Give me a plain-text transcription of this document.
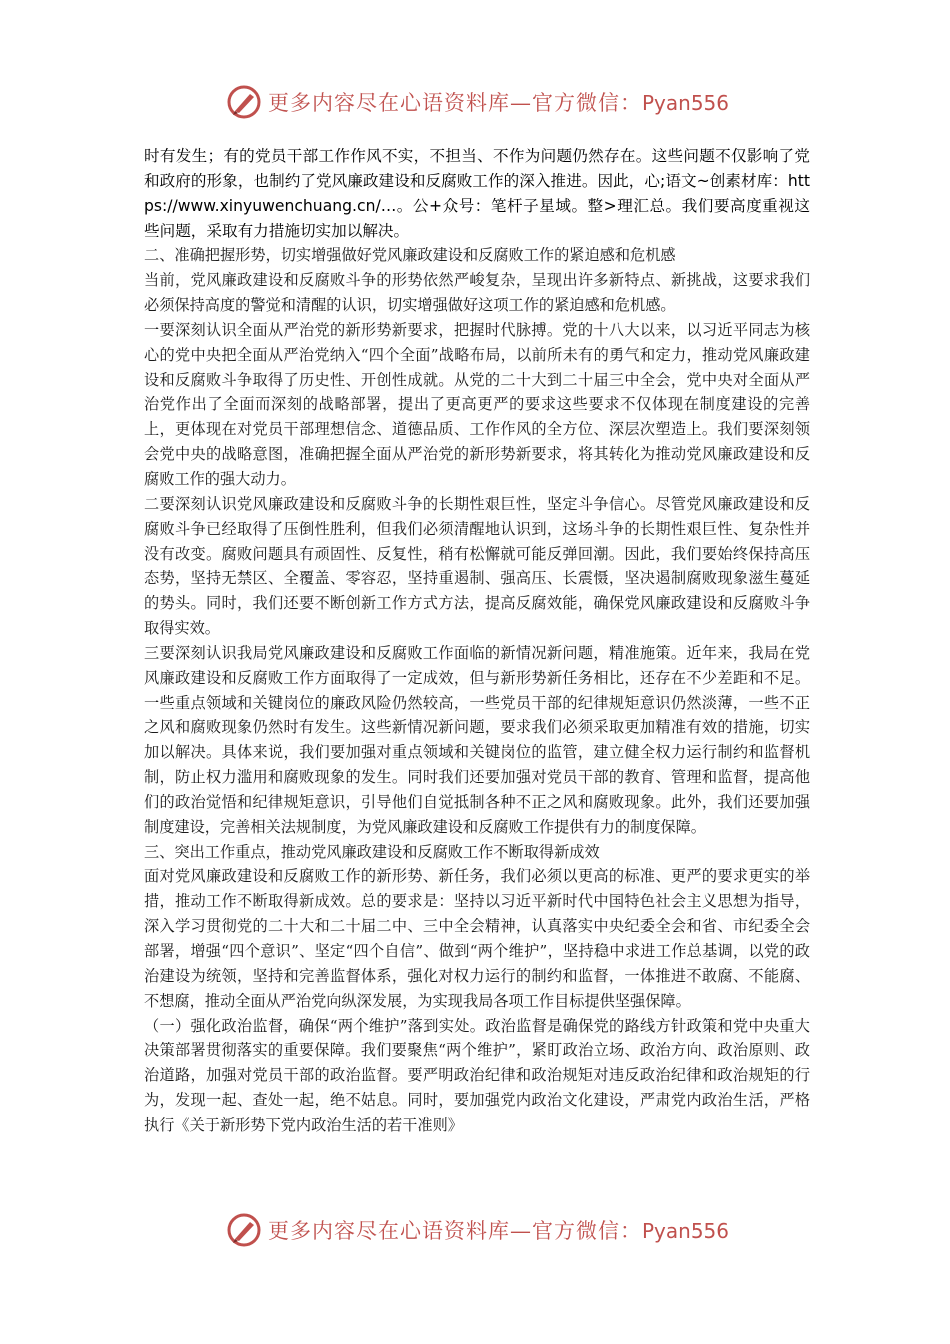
更多内容尽在心语资料库—官方微信：Pyan556

时有发生；有的党员干部工作作风不实，不担当、不作为问题仍然存在。这些问题不仅影响了党和政府的形象，也制约了党风廉政建设和反腐败工作的深入推进。因此，心;语文~创素材库：https://www.xinyuwenchuang.cn/…。公+众号：笔杆子星域。整>理汇总。我们要高度重视这些问题，采取有力措施切实加以解决。

二、准确把握形势，切实增强做好党风廉政建设和反腐败工作的紧迫感和危机感

当前，党风廉政建设和反腐败斗争的形势依然严峻复杂，呈现出许多新特点、新挑战，这要求我们必须保持高度的警觉和清醒的认识，切实增强做好这项工作的紧迫感和危机感。

一要深刻认识全面从严治党的新形势新要求，把握时代脉搏。党的十八大以来，以习近平同志为核心的党中央把全面从严治党纳入“四个全面”战略布局，以前所未有的勇气和定力，推动党风廉政建设和反腐败斗争取得了历史性、开创性成就。从党的二十大到二十届三中全会，党中央对全面从严治党作出了全面而深刻的战略部署，提出了更高更严的要求这些要求不仅体现在制度建设的完善上，更体现在对党员干部理想信念、道德品质、工作作风的全方位、深层次塑造上。我们要深刻领会党中央的战略意图，准确把握全面从严治党的新形势新要求，将其转化为推动党风廉政建设和反腐败工作的强大动力。

二要深刻认识党风廉政建设和反腐败斗争的长期性艰巨性，坚定斗争信心。尽管党风廉政建设和反腐败斗争已经取得了压倒性胜利，但我们必须清醒地认识到，这场斗争的长期性艰巨性、复杂性并没有改变。腐败问题具有顽固性、反复性，稍有松懈就可能反弹回潮。因此，我们要始终保持高压态势，坚持无禁区、全覆盖、零容忍，坚持重遏制、强高压、长震慑，坚决遏制腐败现象滋生蔓延的势头。同时，我们还要不断创新工作方式方法，提高反腐效能，确保党风廉政建设和反腐败斗争取得实效。

三要深刻认识我局党风廉政建设和反腐败工作面临的新情况新问题，精准施策。近年来，我局在党风廉政建设和反腐败工作方面取得了一定成效，但与新形势新任务相比，还存在不少差距和不足。一些重点领域和关键岗位的廉政风险仍然较高，一些党员干部的纪律规矩意识仍然淡薄，一些不正之风和腐败现象仍然时有发生。这些新情况新问题，要求我们必须采取更加精准有效的措施，切实加以解决。具体来说，我们要加强对重点领域和关键岗位的监管，建立健全权力运行制约和监督机制，防止权力滥用和腐败现象的发生。同时我们还要加强对党员干部的教育、管理和监督，提高他们的政治觉悟和纪律规矩意识，引导他们自觉抵制各种不正之风和腐败现象。此外，我们还要加强制度建设，完善相关法规制度，为党风廉政建设和反腐败工作提供有力的制度保障。

三、突出工作重点，推动党风廉政建设和反腐败工作不断取得新成效

面对党风廉政建设和反腐败工作的新形势、新任务，我们必须以更高的标准、更严的要求更实的举措，推动工作不断取得新成效。总的要求是：坚持以习近平新时代中国特色社会主义思想为指导，深入学习贯彻党的二十大和二十届二中、三中全会精神，认真落实中央纪委全会和省、市纪委全会部署，增强“四个意识”、坚定“四个自信”、做到“两个维护”，坚持稳中求进工作总基调，以党的政治建设为统领，坚持和完善监督体系，强化对权力运行的制约和监督，一体推进不敢腐、不能腐、不想腐，推动全面从严治党向纵深发展，为实现我局各项工作目标提供坚强保障。

（一）强化政治监督，确保“两个维护”落到实处。政治监督是确保党的路线方针政策和党中央重大决策部署贯彻落实的重要保障。我们要聚焦“两个维护”，紧盯政治立场、政治方向、政治原则、政治道路，加强对党员干部的政治监督。要严明政治纪律和政治规矩对违反政治纪律和政治规矩的行为，发现一起、查处一起，绝不姑息。同时，要加强党内政治文化建设，严肃党内政治生活，严格执行《关于新形势下党内政治生活的若干准则》

更多内容尽在心语资料库—官方微信：Pyan556
